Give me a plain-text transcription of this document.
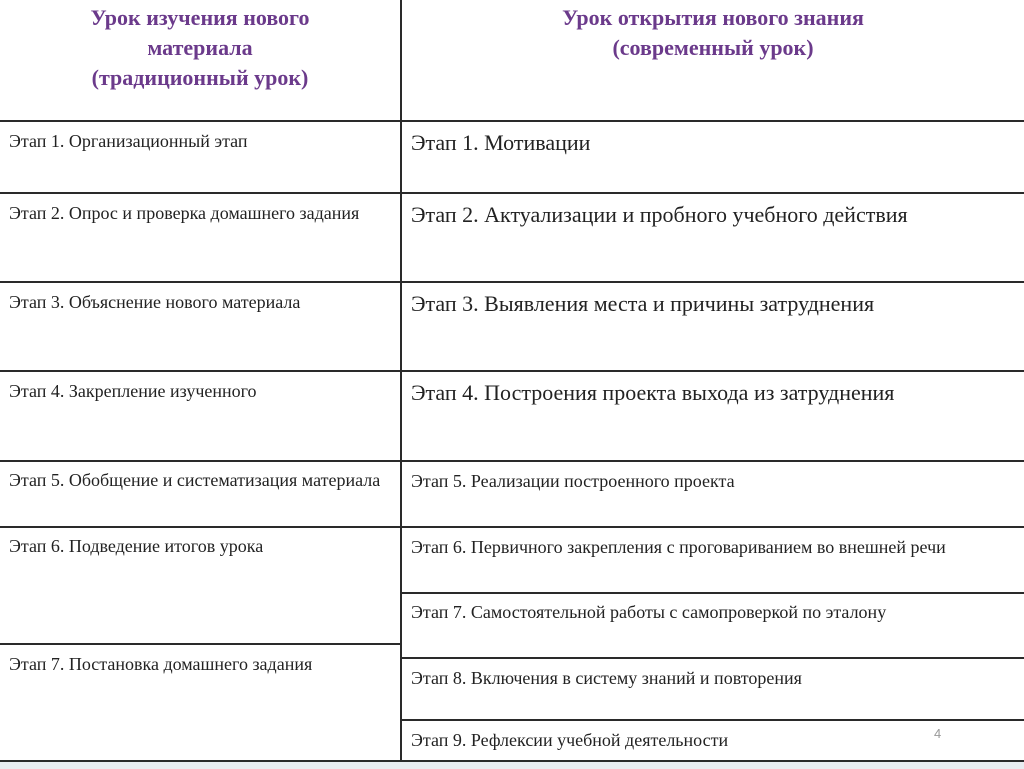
Урок изучения нового
материала
(традиционный урок)
Урок открытия нового знания
(современный урок)
Этап 1. Организационный этап
Этап 2. Опрос и проверка домашнего задания
Этап 3. Объяснение нового материала
Этап 4. Закрепление изученного
Этап 5. Обобщение и систематизация материала
Этап 6. Подведение итогов урока
Этап 7. Постановка домашнего задания
Этап 1. Мотивации
Этап 2. Актуализации и пробного учебного действия
Этап 3. Выявления места и причины затруднения
Этап 4. Построения проекта выхода из затруднения
Этап 5. Реализации построенного проекта
Этап 6. Первичного закрепления с проговариванием во внешней речи
Этап 7. Самостоятельной работы с самопроверкой по эталону
Этап 8. Включения в систему знаний и повторения
Этап 9. Рефлексии учебной деятельности	4
